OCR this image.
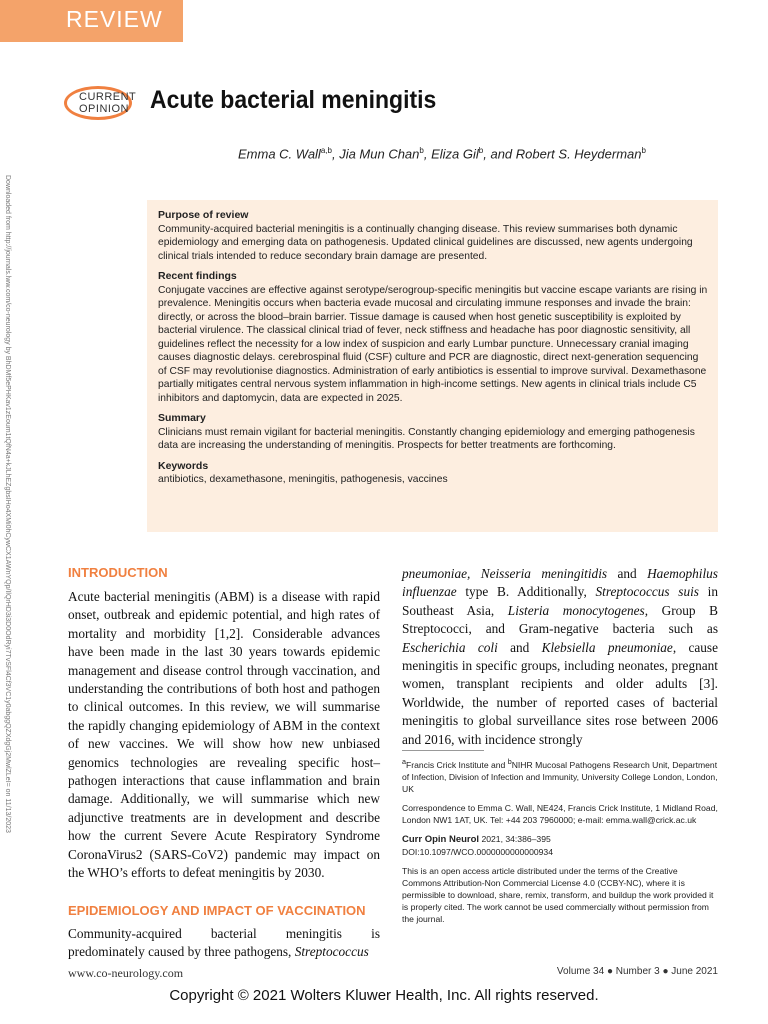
REVIEW
CURRENT
OPINION Acute bacterial meningitis
Emma C. Wall$^{a,b}$, Jia Mun Chan$^b$, Eliza Gil$^b$, and Robert S. Heyderman$^b$
Downloaded from http://journals.lww.com/co-neurology by BhDMf5ePHKav1zEoum1tQfN4a+kJLhEZgbsIHo4XMi0hCywCX1AWnYQp/IlQrHD3i3D0OdRyi7TvSFl4Cf3VC1y0abggQZXdgGj2MwlZLeI= on 11/13/2023	Purpose of review

Community-acquired bacterial meningitis is a continually changing disease. This review summarises both dynamic epidemiology and emerging data on pathogenesis. Updated clinical guidelines are discussed, new agents undergoing clinical trials intended to reduce secondary brain damage are presented.

Recent findings

Conjugate vaccines are effective against serotype/serogroup-specific meningitis but vaccine escape variants are rising in prevalence. Meningitis occurs when bacteria evade mucosal and circulating immune responses and invade the brain: directly, or across the blood–brain barrier. Tissue damage is caused when host genetic susceptibility is exploited by bacterial virulence. The classical clinical triad of fever, neck stiffness and headache has poor diagnostic sensitivity, all guidelines reflect the necessity for a low index of suspicion and early Lumbar puncture. Unnecessary cranial imaging causes diagnostic delays. cerebrospinal fluid (CSF) culture and PCR are diagnostic, direct next-generation sequencing of CSF may revolutionise diagnostics. Administration of early antibiotics is essential to improve survival. Dexamethasone partially mitigates central nervous system inflammation in high-income settings. New agents in clinical trials include C5 inhibitors and daptomycin, data are expected in 2025.

Summary

Clinicians must remain vigilant for bacterial meningitis. Constantly changing epidemiology and emerging pathogenesis data are increasing the understanding of meningitis. Prospects for better treatments are forthcoming.

Keywords

antibiotics, dexamethasone, meningitis, pathogenesis, vaccines

INTRODUCTION
Acute bacterial meningitis (ABM) is a disease with rapid onset, outbreak and epidemic potential, and high rates of mortality and morbidity [1,2]. Considerable advances have been made in the last 30 years towards epidemic management and disease control through vaccination, and understanding the contributions of both host and pathogen to clinical outcomes. In this review, we will summarise the rapidly changing epidemiology of ABM in the context of new vaccines. We will show how new unbiased genomics technologies are revealing specific host–pathogen interactions that cause inflammation and brain damage. Additionally, we will summarise which new adjunctive treatments are in development and describe how the current Severe Acute Respiratory Syndrome CoronaVirus2 (SARS-CoV2) pandemic may impact on the WHO’s efforts to defeat meningitis by 2030.
EPIDEMIOLOGY AND IMPACT OF VACCINATION
Community-acquired bacterial meningitis is predominately caused by three pathogens, Streptococcus
pneumoniae, Neisseria meningitidis and Haemophilus influenzae type B. Additionally, Streptococcus suis in Southeast Asia, Listeria monocytogenes, Group B Streptococci, and Gram-negative bacteria such as Escherichia coli and Klebsiella pneumoniae, cause meningitis in specific groups, including neonates, pregnant women, transplant recipients and older adults [3]. Worldwide, the number of reported cases of bacterial meningitis to global surveillance sites rose between 2006 and 2016, with incidence strongly

$^a$Francis Crick Institute and $^b$NIHR Mucosal Pathogens Research Unit, Department of Infection, Division of Infection and Immunity, University College London, London, UK

Correspondence to Emma C. Wall, NE424, Francis Crick Institute, 1 Midland Road, London NW1 1AT, UK. Tel: +44 203 7960000; e-mail: emma.wall@crick.ac.uk

Curr Opin Neurol 2021, 34:386–395
DOI:10.1097/WCO.0000000000000934

This is an open access article distributed under the terms of the Creative Commons Attribution-Non Commercial License 4.0 (CCBY-NC), where it is permissible to download, share, remix, transform, and buildup the work provided it is properly cited. The work cannot be used commercially without permission from the journal.

www.co-neurology.com	Volume 34 ● Number 3 ● June 2021
Copyright © 2021 Wolters Kluwer Health, Inc. All rights reserved.
